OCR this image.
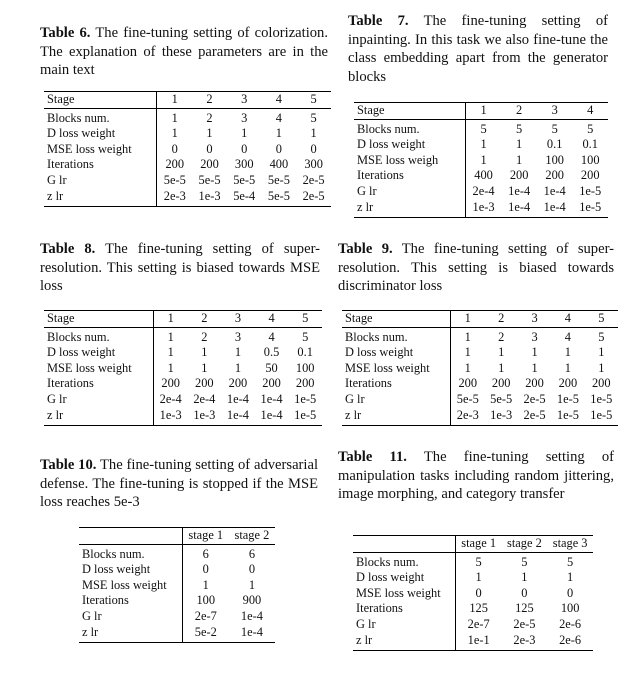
Table 6. The fine-tuning setting of colorization. The explanation of these parameters are in the main text

Table 7. The fine-tuning setting of inpainting. In this task we also fine-tune the class embedding apart from the generator blocks

Table 8. The fine-tuning setting of super-resolution. This setting is biased towards MSE loss

Table 9. The fine-tuning setting of super-resolution. This setting is biased towards discriminator loss

Table 10. The fine-tuning setting of adversarial defense. The fine-tuning is stopped if the MSE loss reaches 5e-3

Table 11. The fine-tuning setting of manipulation tasks including random jittering, image morphing, and category transfer

Stage	1	2	3	4	5
Blocks num.	1	2	3	4	5
D loss weight	1	1	1	1	1
MSE loss weight	0	0	0	0	0
Iterations	200	200	300	400	300
G lr	5e-5	5e-5	5e-5	5e-5	2e-5
z lr	2e-3	1e-3	5e-4	5e-5	2e-5
Stage	1	2	3	4
Blocks num.	5	5	5	5
D loss weight	1	1	0.1	0.1
MSE loss weigh	1	1	100	100
Iterations	400	200	200	200
G lr	2e-4	1e-4	1e-4	1e-5
z lr	1e-3	1e-4	1e-4	1e-5
Stage	1	2	3	4	5
Blocks num.	1	2	3	4	5
D loss weight	1	1	1	0.5	0.1
MSE loss weight	1	1	1	50	100
Iterations	200	200	200	200	200
G lr	2e-4	2e-4	1e-4	1e-4	1e-5
z lr	1e-3	1e-3	1e-4	1e-4	1e-5
Stage	1	2	3	4	5
Blocks num.	1	2	3	4	5
D loss weight	1	1	1	1	1
MSE loss weight	1	1	1	1	1
Iterations	200	200	200	200	200
G lr	5e-5	5e-5	2e-5	1e-5	1e-5
z lr	2e-3	1e-3	2e-5	1e-5	1e-5
	stage 1	stage 2
Blocks num.	6	6
D loss weight	0	0
MSE loss weight	1	1
Iterations	100	900
G lr	2e-7	1e-4
z lr	5e-2	1e-4
	stage 1	stage 2	stage 3
Blocks num.	5	5	5
D loss weight	1	1	1
MSE loss weight	0	0	0
Iterations	125	125	100
G lr	2e-7	2e-5	2e-6
z lr	1e-1	2e-3	2e-6
